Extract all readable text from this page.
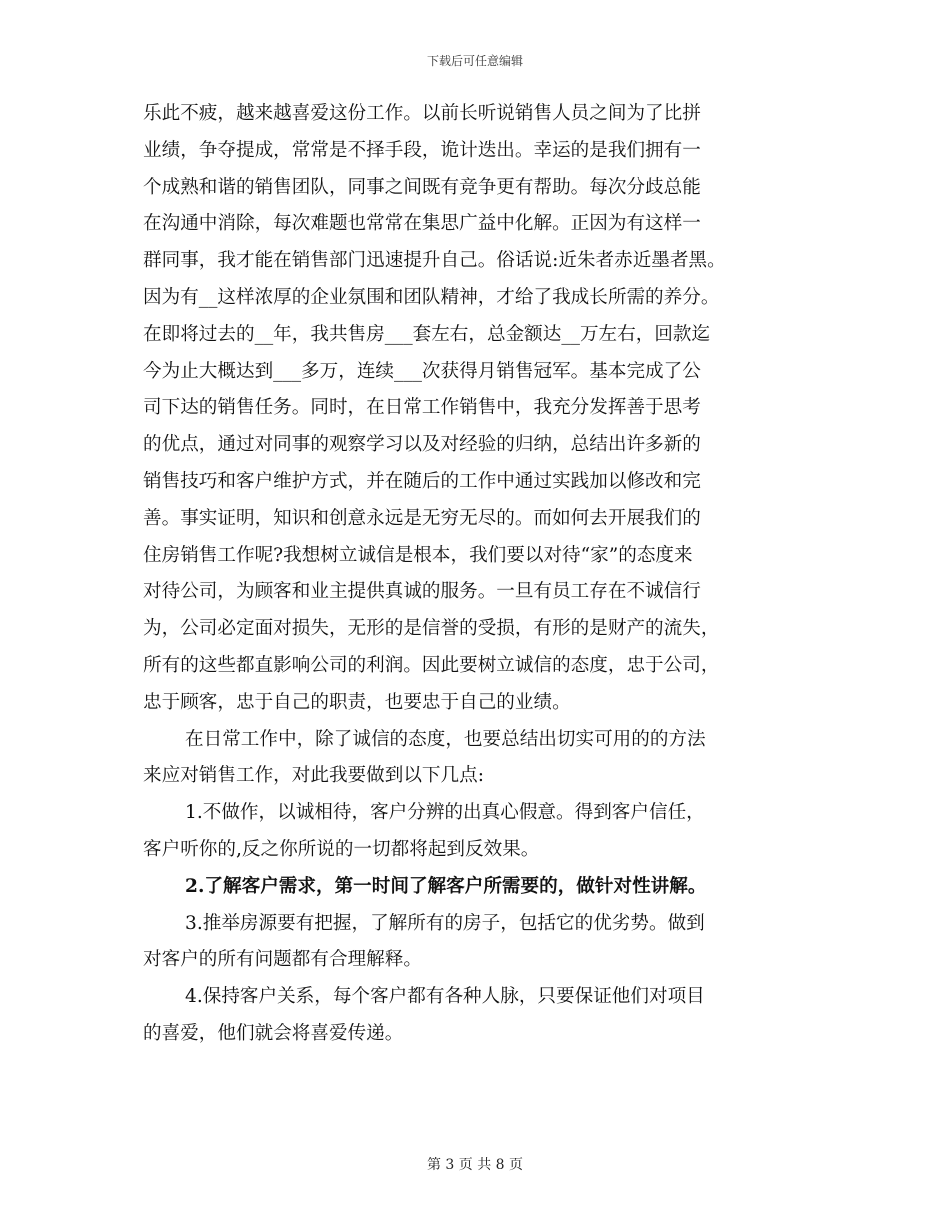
下载后可任意编辑
乐此不疲，越来越喜爱这份工作。以前长听说销售人员之间为了比拼
业绩，争夺提成，常常是不择手段，诡计迭出。幸运的是我们拥有一
个成熟和谐的销售团队，同事之间既有竞争更有帮助。每次分歧总能
在沟通中消除，每次难题也常常在集思广益中化解。正因为有这样一
群同事，我才能在销售部门迅速提升自己。俗话说:近朱者赤近墨者黑。
因为有__这样浓厚的企业氛围和团队精神，才给了我成长所需的养分。
在即将过去的__年，我共售房___套左右，总金额达__万左右，回款迄
今为止大概达到___多万，连续___次获得月销售冠军。基本完成了公
司下达的销售任务。同时，在日常工作销售中，我充分发挥善于思考
的优点，通过对同事的观察学习以及对经验的归纳，总结出许多新的
销售技巧和客户维护方式，并在随后的工作中通过实践加以修改和完
善。事实证明，知识和创意永远是无穷无尽的。而如何去开展我们的
住房销售工作呢?我想树立诚信是根本，我们要以对待“家”的态度来
对待公司，为顾客和业主提供真诚的服务。一旦有员工存在不诚信行
为，公司必定面对损失，无形的是信誉的受损，有形的是财产的流失，
所有的这些都直影响公司的利润。因此要树立诚信的态度，忠于公司，
忠于顾客，忠于自己的职责，也要忠于自己的业绩。
在日常工作中，除了诚信的态度，也要总结出切实可用的的方法
来应对销售工作，对此我要做到以下几点:
1.不做作，以诚相待，客户分辨的出真心假意。得到客户信任，
客户听你的,反之你所说的一切都将起到反效果。
2.了解客户需求，第一时间了解客户所需要的，做针对性讲解。
3.推举房源要有把握，了解所有的房子，包括它的优劣势。做到
对客户的所有问题都有合理解释。
4.保持客户关系，每个客户都有各种人脉，只要保证他们对项目
的喜爱，他们就会将喜爱传递。
第 3 页 共 8 页
